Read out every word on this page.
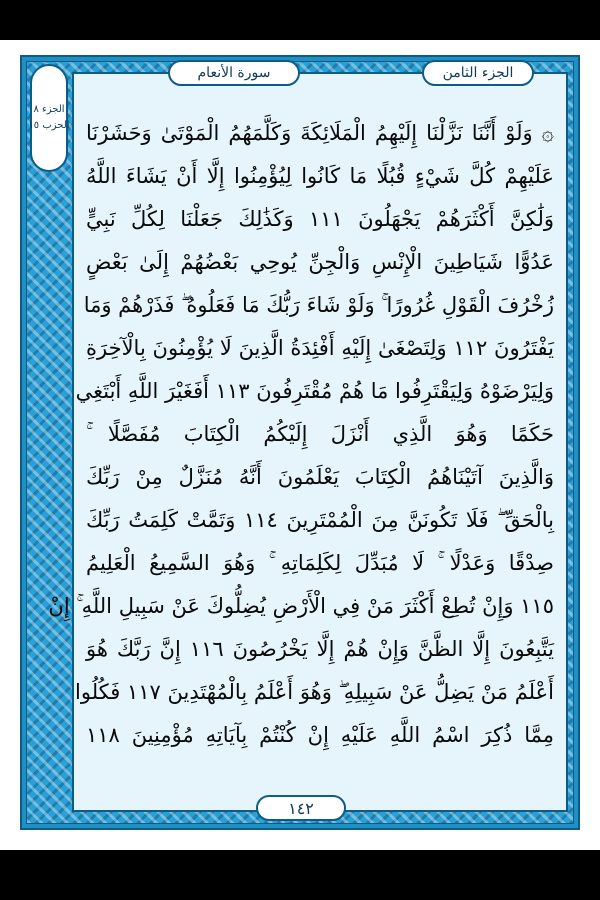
الجزء الثامن
سورة الأنعام
الجزء ٨
الحزب ١٥ ۞ وَلَوْ أَنَّنَا نَزَّلْنَا إِلَيْهِمُ الْمَلَائِكَةَ وَكَلَّمَهُمُ الْمَوْتَىٰ وَحَشَرْنَا
عَلَيْهِمْ كُلَّ شَيْءٍ قُبُلًا مَا كَانُوا لِيُؤْمِنُوا إِلَّا أَنْ يَشَاءَ اللَّهُ
وَلَٰكِنَّ أَكْثَرَهُمْ يَجْهَلُونَ ١١١ وَكَذَٰلِكَ جَعَلْنَا لِكُلِّ نَبِيٍّ
عَدُوًّا شَيَاطِينَ الْإِنْسِ وَالْجِنِّ يُوحِي بَعْضُهُمْ إِلَىٰ بَعْضٍ
زُخْرُفَ الْقَوْلِ غُرُورًا ۚ وَلَوْ شَاءَ رَبُّكَ مَا فَعَلُوهُ ۖ فَذَرْهُمْ وَمَا
يَفْتَرُونَ ١١٢ وَلِتَصْغَىٰ إِلَيْهِ أَفْئِدَةُ الَّذِينَ لَا يُؤْمِنُونَ بِالْآخِرَةِ
وَلِيَرْضَوْهُ وَلِيَقْتَرِفُوا مَا هُمْ مُقْتَرِفُونَ ١١٣ أَفَغَيْرَ اللَّهِ أَبْتَغِي
حَكَمًا وَهُوَ الَّذِي أَنْزَلَ إِلَيْكُمُ الْكِتَابَ مُفَصَّلًا ۚ
وَالَّذِينَ آتَيْنَاهُمُ الْكِتَابَ يَعْلَمُونَ أَنَّهُ مُنَزَّلٌ مِنْ رَبِّكَ
بِالْحَقِّ ۖ فَلَا تَكُونَنَّ مِنَ الْمُمْتَرِينَ ١١٤ وَتَمَّتْ كَلِمَتُ رَبِّكَ
صِدْقًا وَعَدْلًا ۚ لَا مُبَدِّلَ لِكَلِمَاتِهِ ۚ وَهُوَ السَّمِيعُ الْعَلِيمُ
١١٥ وَإِنْ تُطِعْ أَكْثَرَ مَنْ فِي الْأَرْضِ يُضِلُّوكَ عَنْ سَبِيلِ اللَّهِ ۚ إِنْ
يَتَّبِعُونَ إِلَّا الظَّنَّ وَإِنْ هُمْ إِلَّا يَخْرُصُونَ ١١٦ إِنَّ رَبَّكَ هُوَ
أَعْلَمُ مَنْ يَضِلُّ عَنْ سَبِيلِهِ ۖ وَهُوَ أَعْلَمُ بِالْمُهْتَدِينَ ١١٧ فَكُلُوا
مِمَّا ذُكِرَ اسْمُ اللَّهِ عَلَيْهِ إِنْ كُنْتُمْ بِآيَاتِهِ مُؤْمِنِينَ ١١٨
١٤٢
